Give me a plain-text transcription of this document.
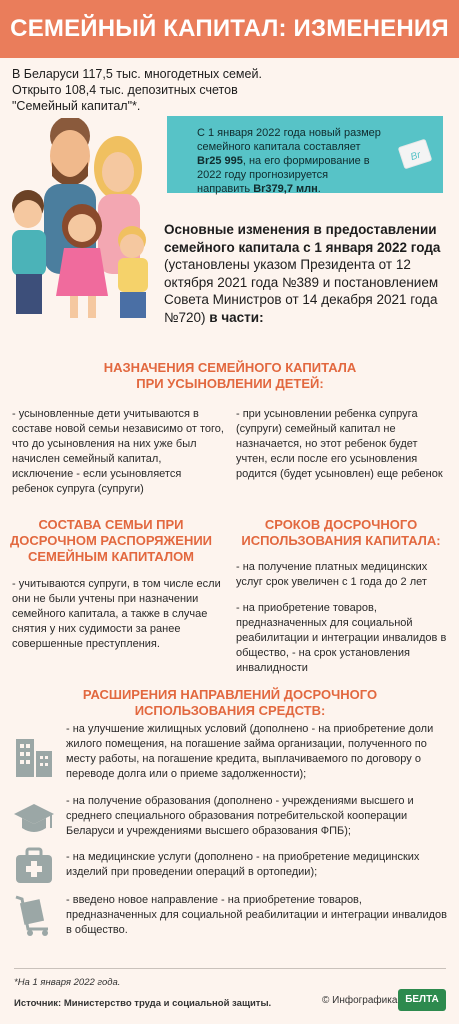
СЕМЕЙНЫЙ КАПИТАЛ: ИЗМЕНЕНИЯ
В Беларуси 117,5 тыс. многодетных семей.
Открыто 108,4 тыс. депозитных счетов
"Семейный капитал"*.
С 1 января 2022 года новый размер семейного капитала составляет Br25 995, на его формирование в 2022 году прогнозируется направить Br379,7 млн.
Br
Основные изменения в предоставлении семейного капитала с 1 января 2022 года (установлены указом Президента от 12 октября 2021 года №389 и постановлением Совета Министров от 14 декабря 2021 года №720) в части:
НАЗНАЧЕНИЯ СЕМЕЙНОГО КАПИТАЛА
ПРИ УСЫНОВЛЕНИИ ДЕТЕЙ:
- усыновленные дети учитываются в составе новой семьи независимо от того, что до усыновления на них уже был начислен семейный капитал, исключение - если усыновляется ребенок супруга (супруги)
- при усыновлении ребенка супруга (супруги) семейный капитал не назначается, но этот ребенок будет учтен, если после его усыновления родится (будет усыновлен) еще ребенок
СОСТАВА СЕМЬИ ПРИ
ДОСРОЧНОМ РАСПОРЯЖЕНИИ
СЕМЕЙНЫМ КАПИТАЛОМ
- учитываются супруги, в том числе если они не были учтены при назначении семейного капитала, а также в случае снятия у них судимости за ранее совершенные преступления.
СРОКОВ ДОСРОЧНОГО
ИСПОЛЬЗОВАНИЯ КАПИТАЛА:
- на получение платных медицинских услуг срок увеличен с 1 года до 2 лет
- на приобретение товаров, предназначенных для социальной реабилитации и интеграции инвалидов в общество, - на срок установления инвалидности
РАСШИРЕНИЯ НАПРАВЛЕНИЙ ДОСРОЧНОГО
ИСПОЛЬЗОВАНИЯ СРЕДСТВ:
- на улучшение жилищных условий (дополнено - на приобретение доли жилого помещения, на погашение займа организации, полученного по месту работы, на погашение кредита, выплачиваемого по договору о переводе долга или о приеме задолженности);
- на получение образования (дополнено - учреждениями высшего и среднего специального образования потребительской кооперации Беларуси и учреждениями высшего образования ФПБ);
- на медицинские услуги (дополнено - на приобретение медицинских изделий при проведении операций в ортопедии);
- введено новое направление - на приобретение товаров, предназначенных для социальной реабилитации и интеграции инвалидов в общество.
*На 1 января 2022 года.
Источник: Министерство труда и социальной защиты.	© Инфографика БЕЛТА
